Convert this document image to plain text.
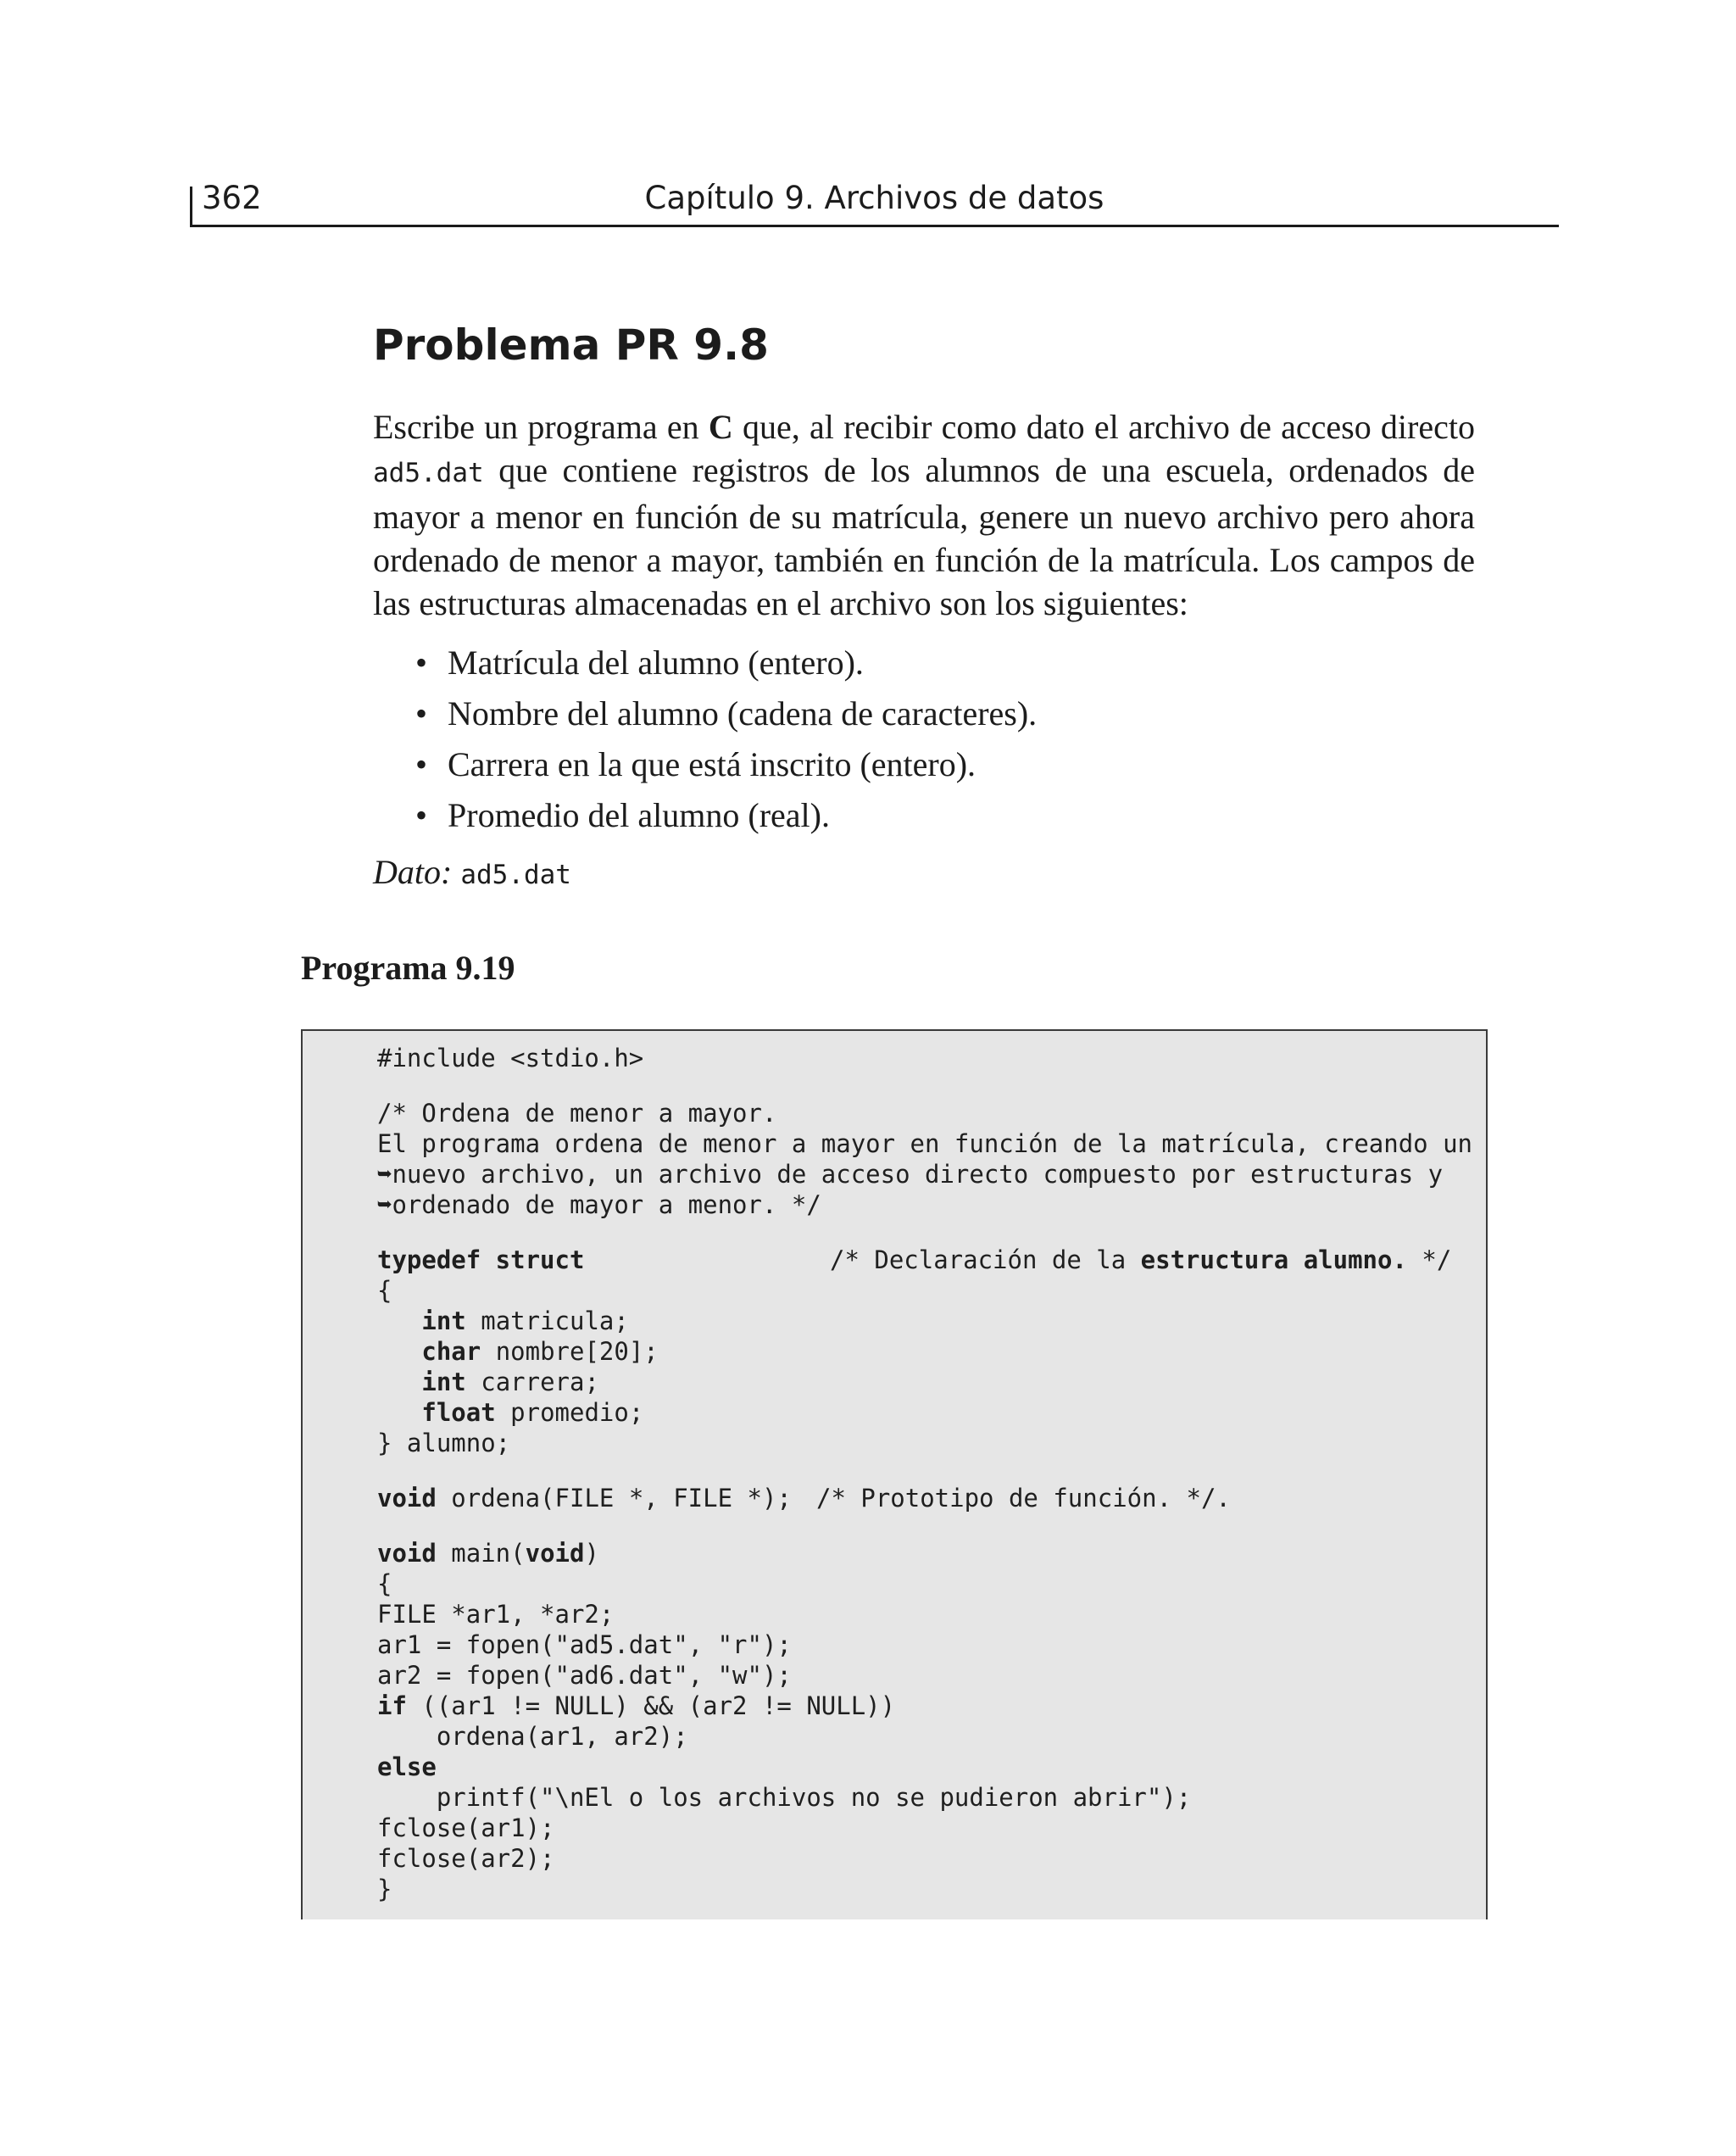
362	Capítulo 9. Archivos de datos
Problema PR 9.8
Escribe un programa en C que, al recibir como dato el archivo de acceso directo ad5.dat que contiene registros de los alumnos de una escuela, ordenados de mayor a menor en función de su matrícula, genere un nuevo archivo pero ahora ordenado de menor a mayor, también en función de la matrícula. Los campos de las estructuras almacenadas en el archivo son los siguientes:
• Matrícula del alumno (entero).
• Nombre del alumno (cadena de caracteres).
• Carrera en la que está inscrito (entero).
• Promedio del alumno (real).
Dato: ad5.dat
Programa 9.19
#include <stdio.h>
/* Ordena de menor a mayor.
El programa ordena de menor a mayor en función de la matrícula, creando un
➥nuevo archivo, un archivo de acceso directo compuesto por estructuras y
➥ordenado de mayor a menor. */
typedef struct	/* Declaración de la estructura alumno. */
{
int matricula;
char nombre[20];
int carrera;
float promedio;
} alumno;
void ordena(FILE *, FILE *); /* Prototipo de función. */.
void main(void)
{
FILE *ar1, *ar2;
ar1 = fopen("ad5.dat", "r");
ar2 = fopen("ad6.dat", "w");
if ((ar1 != NULL) && (ar2 != NULL))
ordena(ar1, ar2);
else
printf("\nEl o los archivos no se pudieron abrir");
fclose(ar1);
fclose(ar2);
}
